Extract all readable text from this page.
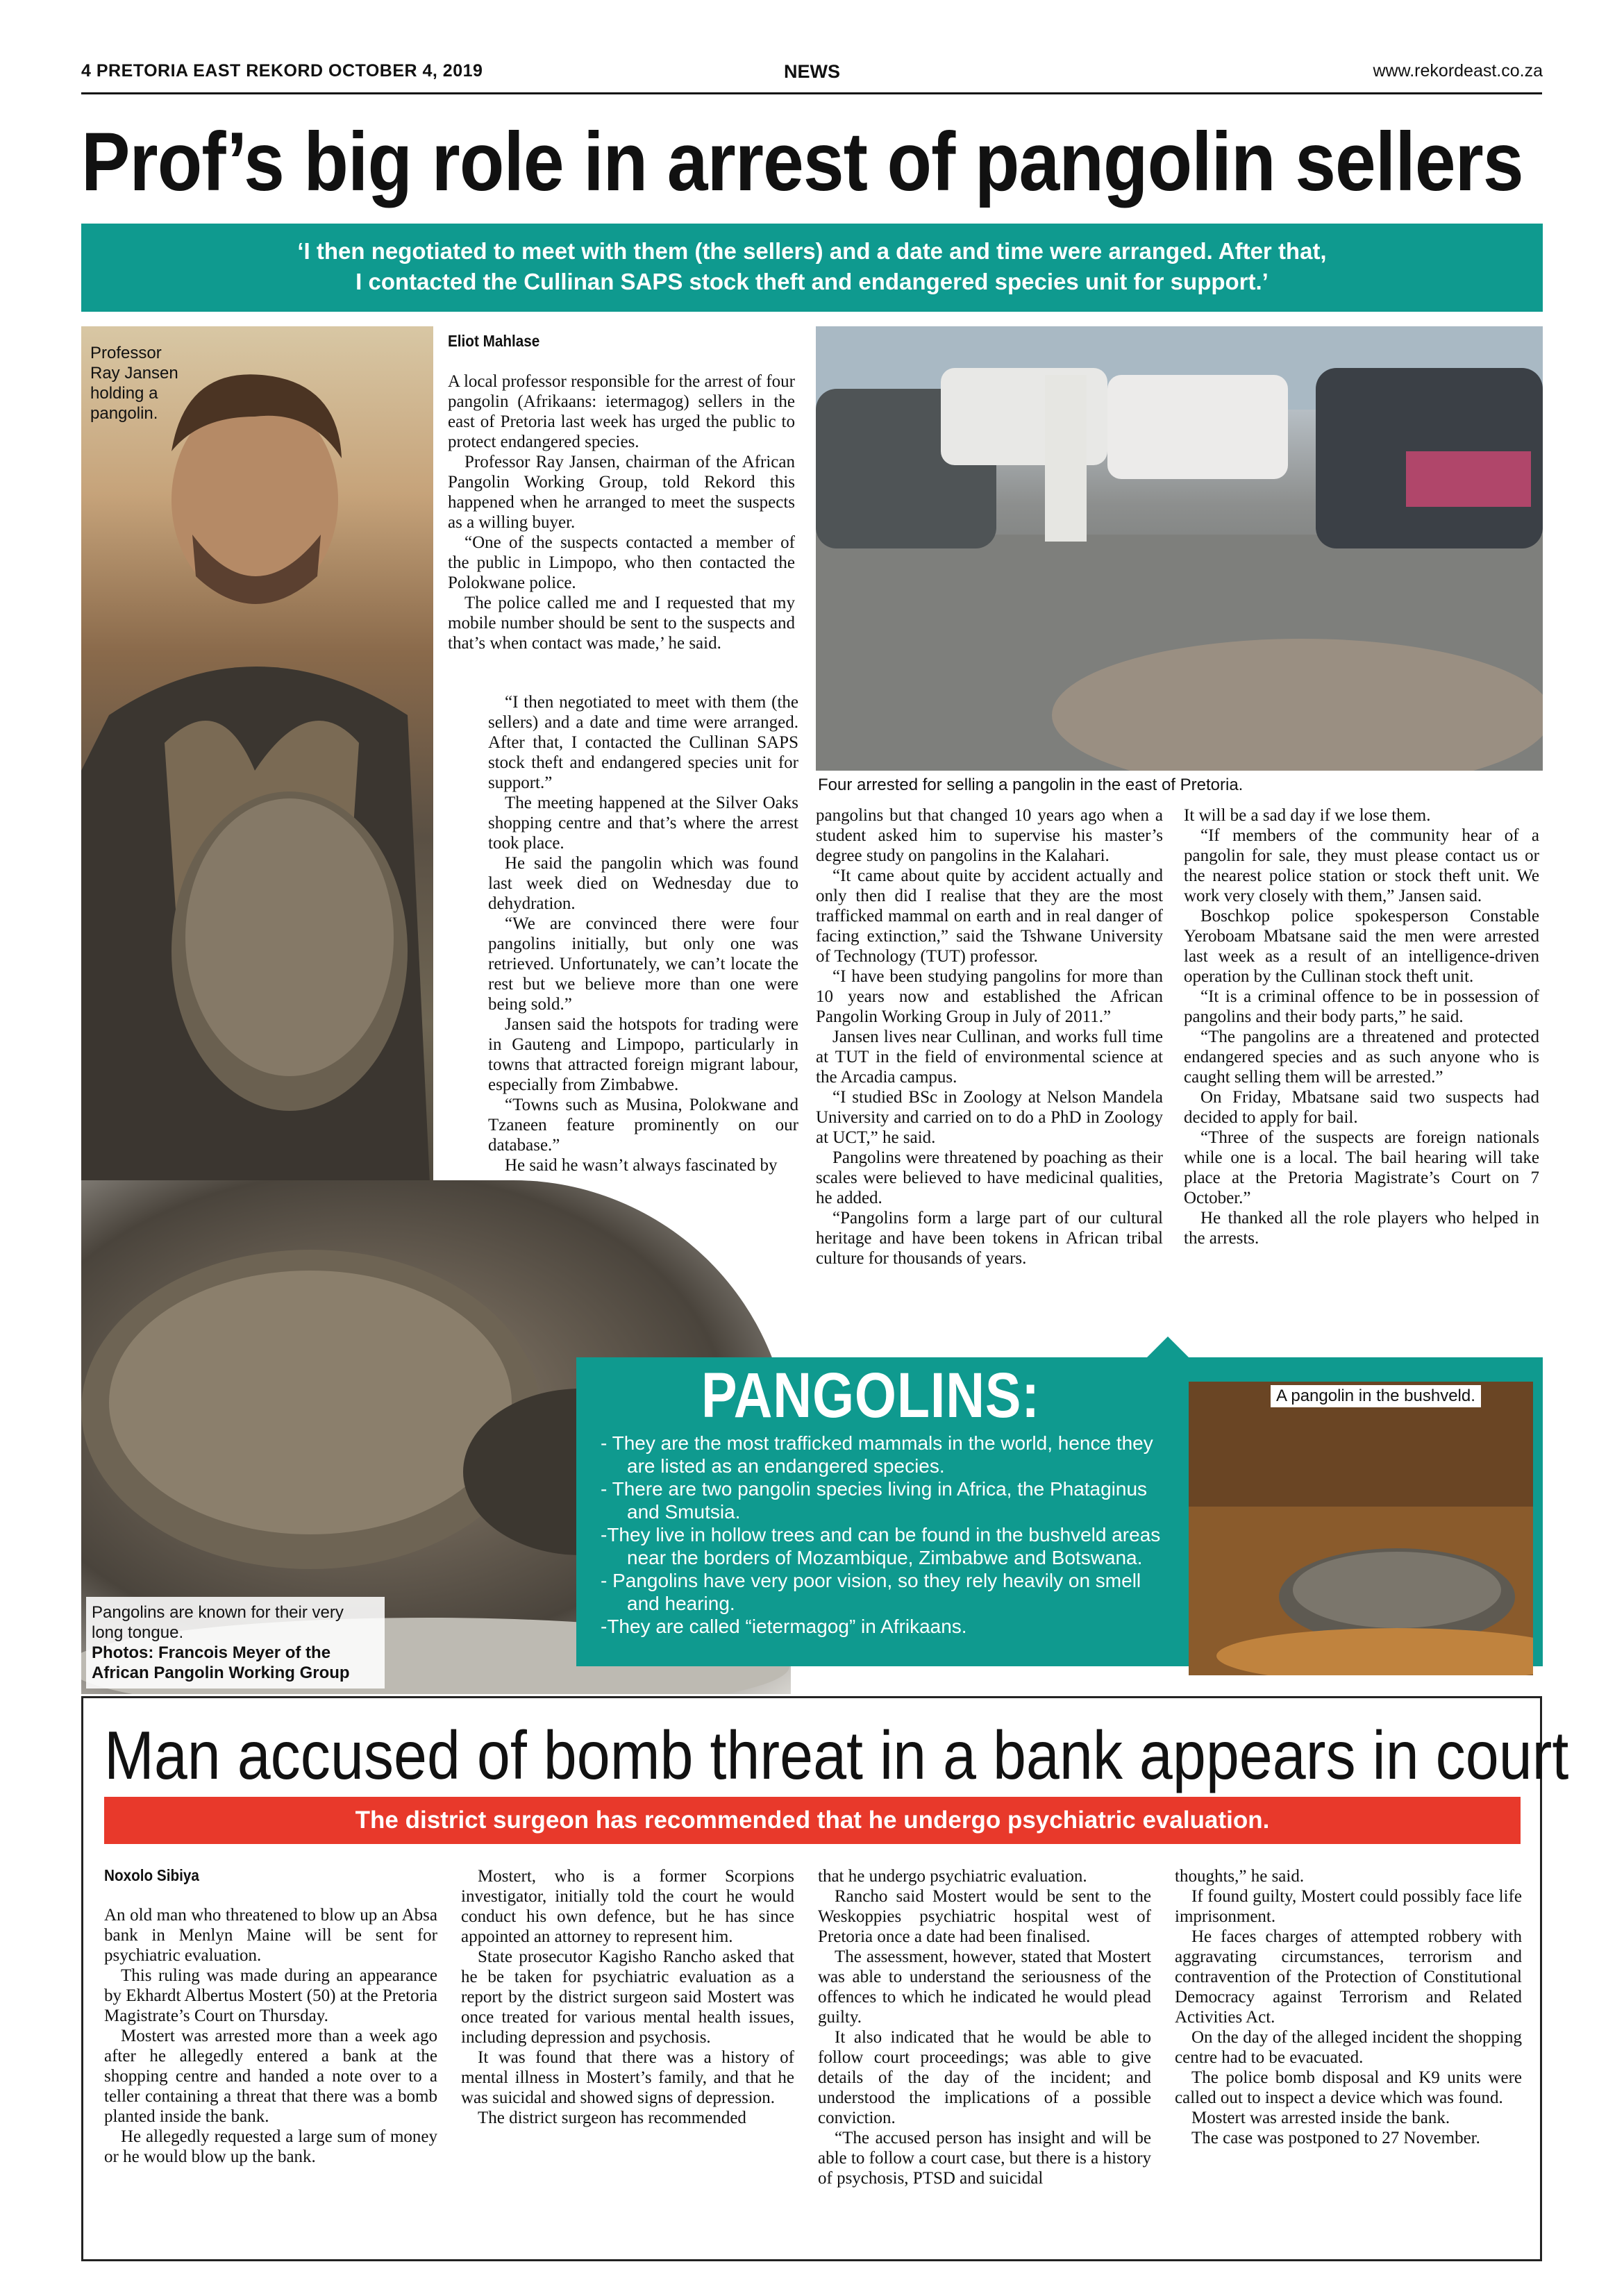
4 PRETORIA EAST REKORD OCTOBER 4, 2019	NEWS	www.rekordeast.co.za
Prof’s big role in arrest of pangolin sellers
‘I then negotiated to meet with them (the sellers) and a date and time were arranged. After that,
I contacted the Cullinan SAPS stock theft and endangered species unit for support.’
Professor Ray Jansen holding a pangolin.
Pangolins are known for their very long tongue.
Photos: Francois Meyer of the African Pangolin Working Group
Four arrested for selling a pangolin in the east of Pretoria.
A pangolin in the bushveld.
Eliot Mahlase

A local professor responsible for the arrest of four pangolin (Afrikaans: ietermagog) sellers in the east of Pretoria last week has urged the public to protect endangered species.

Professor Ray Jansen, chairman of the African Pangolin Working Group, told Rekord this happened when he arranged to meet the suspects as a willing buyer.

“One of the suspects contacted a member of the public in Limpopo, who then contacted the Polokwane police.

The police called me and I requested that my mobile number should be sent to the suspects and that’s when contact was made,’ he said.

“I then negotiated to meet with them (the sellers) and a date and time were arranged. After that, I contacted the Cullinan SAPS stock theft and endangered species unit for support.”

The meeting happened at the Silver Oaks shopping centre and that’s where the arrest took place.

He said the pangolin which was found last week died on Wednesday due to dehydration.

“We are convinced there were four pangolins initially, but only one was retrieved. Unfortunately, we can’t locate the rest but we believe more than one were being sold.”

Jansen said the hotspots for trading were in Gauteng and Limpopo, particularly in towns that attracted foreign migrant labour, especially from Zimbabwe.

“Towns such as Musina, Polokwane and Tzaneen feature prominently on our database.”

He said he wasn’t always fascinated by

pangolins but that changed 10 years ago when a student asked him to supervise his master’s degree study on pangolins in the Kalahari.

“It came about quite by accident actually and only then did I realise that they are the most trafficked mammal on earth and in real danger of facing extinction,” said the Tshwane University of Technology (TUT) professor.

“I have been studying pangolins for more than 10 years now and established the African Pangolin Working Group in July of 2011.”

Jansen lives near Cullinan, and works full time at TUT in the field of environmental science at the Arcadia campus.

“I studied BSc in Zoology at Nelson Mandela University and carried on to do a PhD in Zoology at UCT,” he said.

Pangolins were threatened by poaching as their scales were believed to have medicinal qualities, he added.

“Pangolins form a large part of our cultural heritage and have been tokens in African tribal culture for thousands of years.

It will be a sad day if we lose them.

“If members of the community hear of a pangolin for sale, they must please contact us or the nearest police station or stock theft unit. We work very closely with them,” Jansen said.

Boschkop police spokesperson Constable Yeroboam Mbatsane said the men were arrested last week as a result of an intelligence-driven operation by the Cullinan stock theft unit.

“It is a criminal offence to be in possession of pangolins and their body parts,” he said.

“The pangolins are a threatened and protected endangered species and as such anyone who is caught selling them will be arrested.”

On Friday, Mbatsane said two suspects had decided to apply for bail.

“Three of the suspects are foreign nationals while one is a local. The bail hearing will take place at the Pretoria Magistrate’s Court on 7 October.”

He thanked all the role players who helped in the arrests.

PANGOLINS:
- They are the most trafficked mammals in the world, hence they are listed as an endangered species.
- There are two pangolin species living in Africa, the Phataginus and Smutsia.
-They live in hollow trees and can be found in the bushveld areas near the borders of Mozambique, Zimbabwe and Botswana.
- Pangolins have very poor vision, so they rely heavily on smell and hearing.
-They are called “ietermagog” in Afrikaans.
Man accused of bomb threat in a bank appears in court
The district surgeon has recommended that he undergo psychiatric evaluation.
Noxolo Sibiya

An old man who threatened to blow up an Absa bank in Menlyn Maine will be sent for psychiatric evaluation.

This ruling was made during an appearance by Ekhardt Albertus Mostert (50) at the Pretoria Magistrate’s Court on Thursday.

Mostert was arrested more than a week ago after he allegedly entered a bank at the shopping centre and handed a note over to a teller containing a threat that there was a bomb planted inside the bank.

He allegedly requested a large sum of money or he would blow up the bank.

Mostert, who is a former Scorpions investigator, initially told the court he would conduct his own defence, but he has since appointed an attorney to represent him.

State prosecutor Kagisho Rancho asked that he be taken for psychiatric evaluation as a report by the district surgeon said Mostert was once treated for various mental health issues, including depression and psychosis.

It was found that there was a history of mental illness in Mostert’s family, and that he was suicidal and showed signs of depression.

The district surgeon has recommended

that he undergo psychiatric evaluation.

Rancho said Mostert would be sent to the Weskoppies psychiatric hospital west of Pretoria once a date had been finalised.

The assessment, however, stated that Mostert was able to understand the seriousness of the offences to which he indicated he would plead guilty.

It also indicated that he would be able to follow court proceedings; was able to give details of the day of the incident; and understood the implications of a possible conviction.

“The accused person has insight and will be able to follow a court case, but there is a history of psychosis, PTSD and suicidal

thoughts,” he said.

If found guilty, Mostert could possibly face life imprisonment.

He faces charges of attempted robbery with aggravating circumstances, terrorism and contravention of the Protection of Constitutional Democracy against Terrorism and Related Activities Act.

On the day of the alleged incident the shopping centre had to be evacuated.

The police bomb disposal and K9 units were called out to inspect a device which was found.

Mostert was arrested inside the bank.

The case was postponed to 27 November.
